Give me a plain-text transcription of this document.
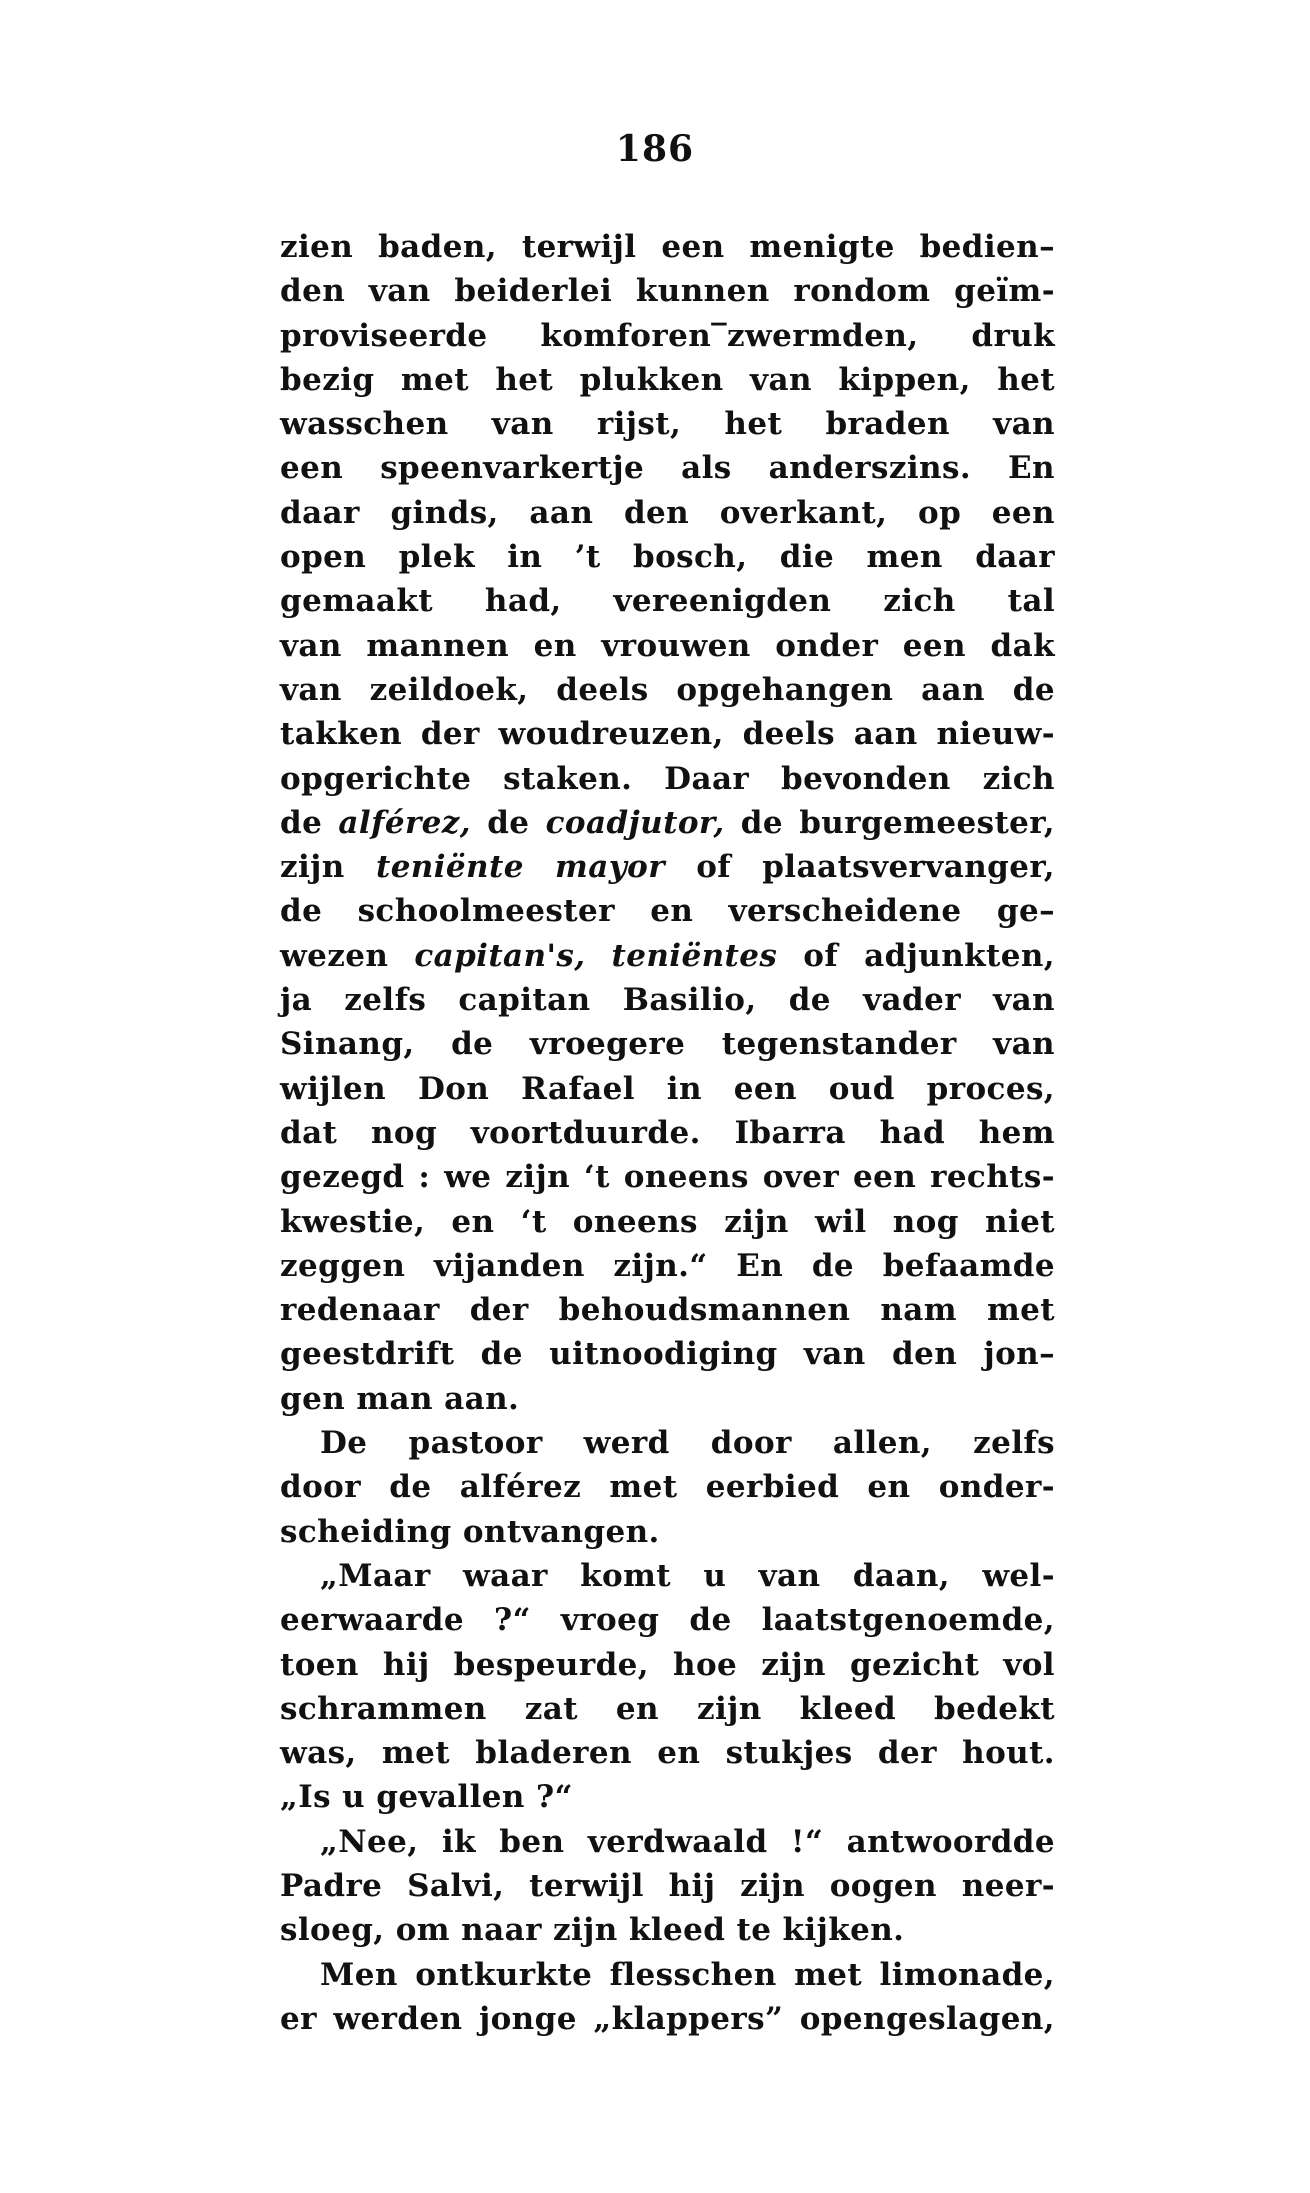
186
zien baden, terwijl een menigte bedien–
den van beiderlei kunnen rondom geïm-
proviseerde komforen‾zwermden, druk
bezig met het plukken van kippen, het
wasschen van rijst, het braden van
een speenvarkertje als anderszins. En
daar ginds, aan den overkant, op een
open plek in ’t bosch, die men daar
gemaakt had, vereenigden zich tal
van mannen en vrouwen onder een dak
van zeildoek, deels opgehangen aan de
takken der woudreuzen, deels aan nieuw-
opgerichte staken. Daar bevonden zich
de alférez, de coadjutor, de burgemeester,
zijn teniënte mayor of plaatsvervanger,
de schoolmeester en verscheidene ge–
wezen capitan's, teniëntes of adjunkten,
ja zelfs capitan Basilio, de vader van
Sinang, de vroegere tegenstander van
wijlen Don Rafael in een oud proces,
dat nog voortduurde. Ibarra had hem
gezegd : we zijn ‘t oneens over een rechts-
kwestie, en ‘t oneens zijn wil nog niet
zeggen vijanden zijn.“ En de befaamde
redenaar der behoudsmannen nam met
geestdrift de uitnoodiging van den jon–
gen man aan.
De pastoor werd door allen, zelfs
door de alférez met eerbied en onder-
scheiding ontvangen.
„Maar waar komt u van daan, wel-
eerwaarde ?“ vroeg de laatstgenoemde,
toen hij bespeurde, hoe zijn gezicht vol
schrammen zat en zijn kleed bedekt
was, met bladeren en stukjes der hout.
„Is u gevallen ?“
„Nee, ik ben verdwaald !“ antwoordde
Padre Salvi, terwijl hij zijn oogen neer-
sloeg, om naar zijn kleed te kijken.
Men ontkurkte flesschen met limonade,
er werden jonge „klappers” opengeslagen,
